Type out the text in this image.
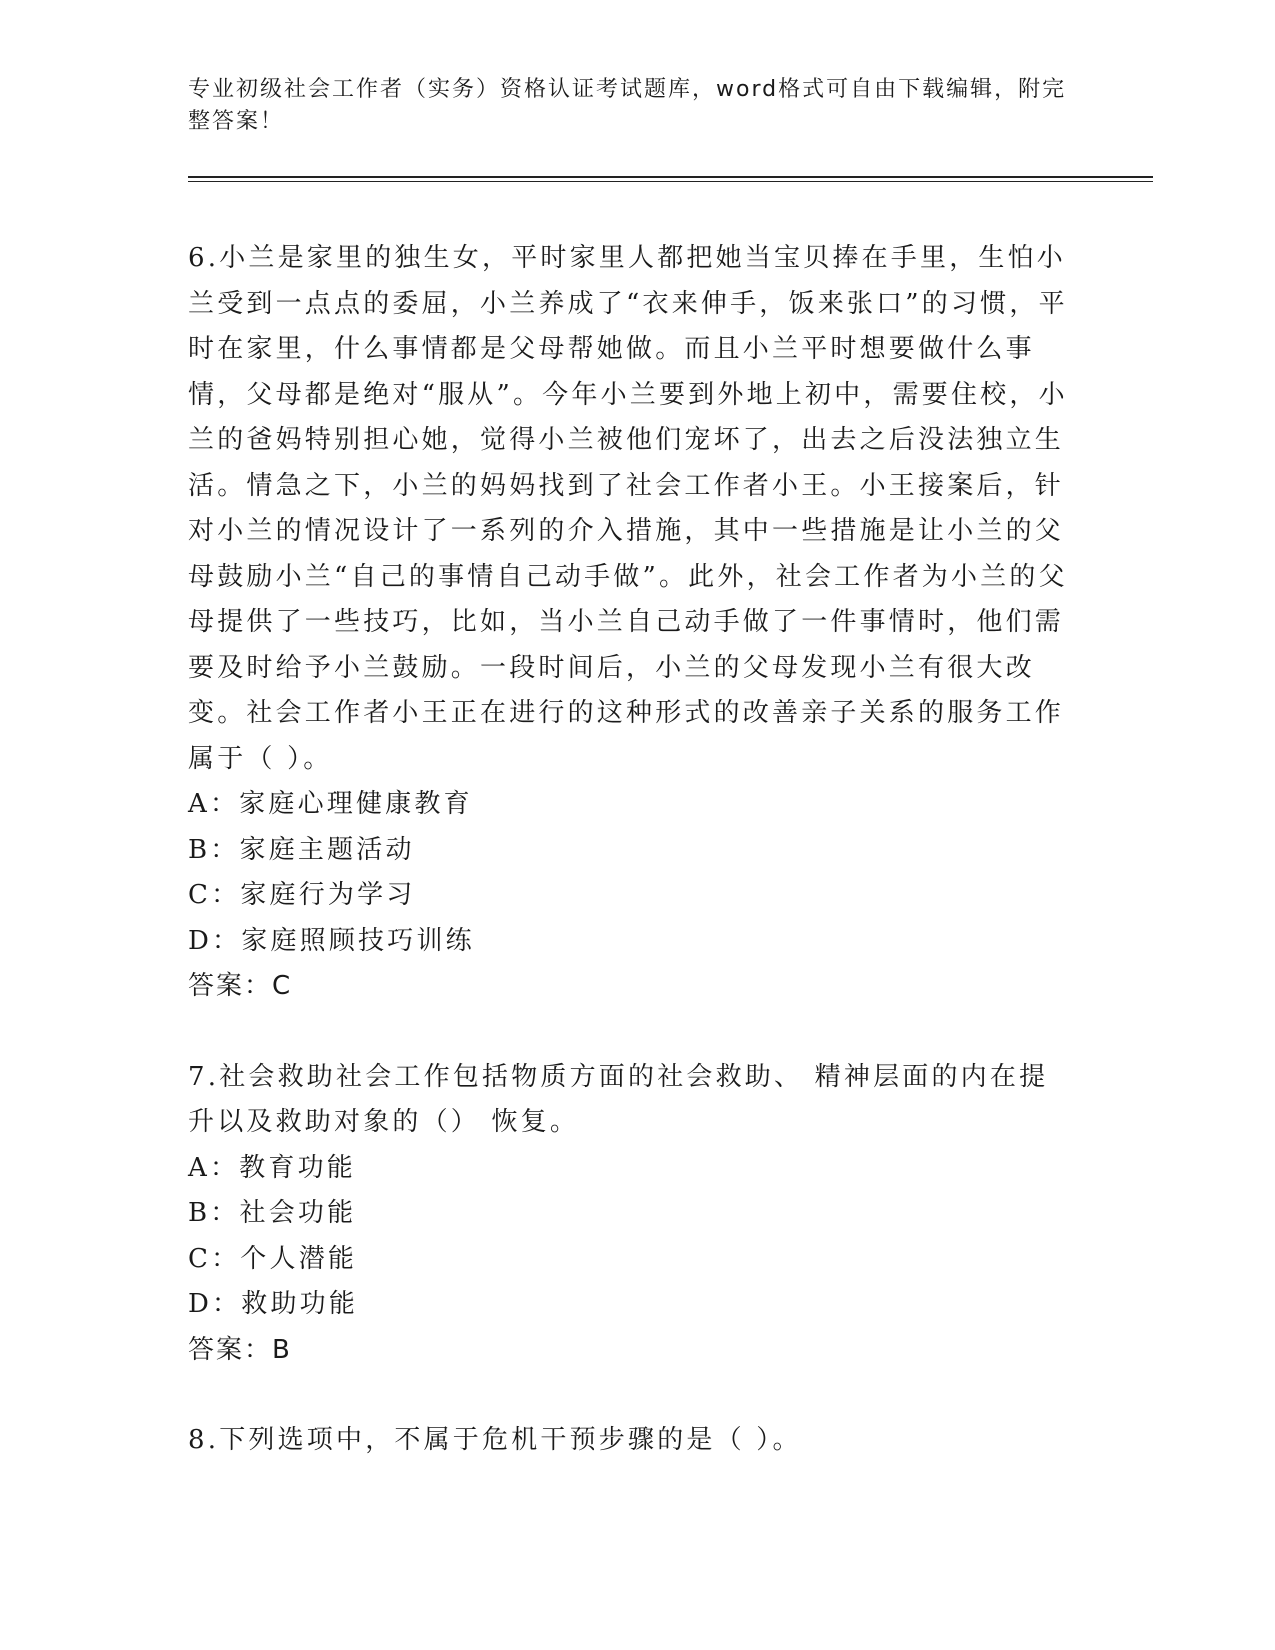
专业初级社会工作者（实务）资格认证考试题库，word格式可自由下载编辑，附完整答案！

6.小兰是家里的独生女，平时家里人都把她当宝贝捧在手里，生怕小兰受到一点点的委屈，小兰养成了“衣来伸手，饭来张口”的习惯，平时在家里，什么事情都是父母帮她做。而且小兰平时想要做什么事情，父母都是绝对“服从”。今年小兰要到外地上初中，需要住校，小兰的爸妈特别担心她，觉得小兰被他们宠坏了，出去之后没法独立生活。情急之下，小兰的妈妈找到了社会工作者小王。小王接案后，针对小兰的情况设计了一系列的介入措施，其中一些措施是让小兰的父母鼓励小兰“自己的事情自己动手做”。此外，社会工作者为小兰的父母提供了一些技巧，比如，当小兰自己动手做了一件事情时，他们需要及时给予小兰鼓励。一段时间后，小兰的父母发现小兰有很大改变。社会工作者小王正在进行的这种形式的改善亲子关系的服务工作属于（ ）。

A：家庭心理健康教育

B：家庭主题活动

C：家庭行为学习

D：家庭照顾技巧训练

答案：C

7.社会救助社会工作包括物质方面的社会救助、 精神层面的内在提升以及救助对象的（） 恢复。

A：教育功能

B：社会功能

C：个人潜能

D：救助功能

答案：B

8.下列选项中，不属于危机干预步骤的是（ ）。
